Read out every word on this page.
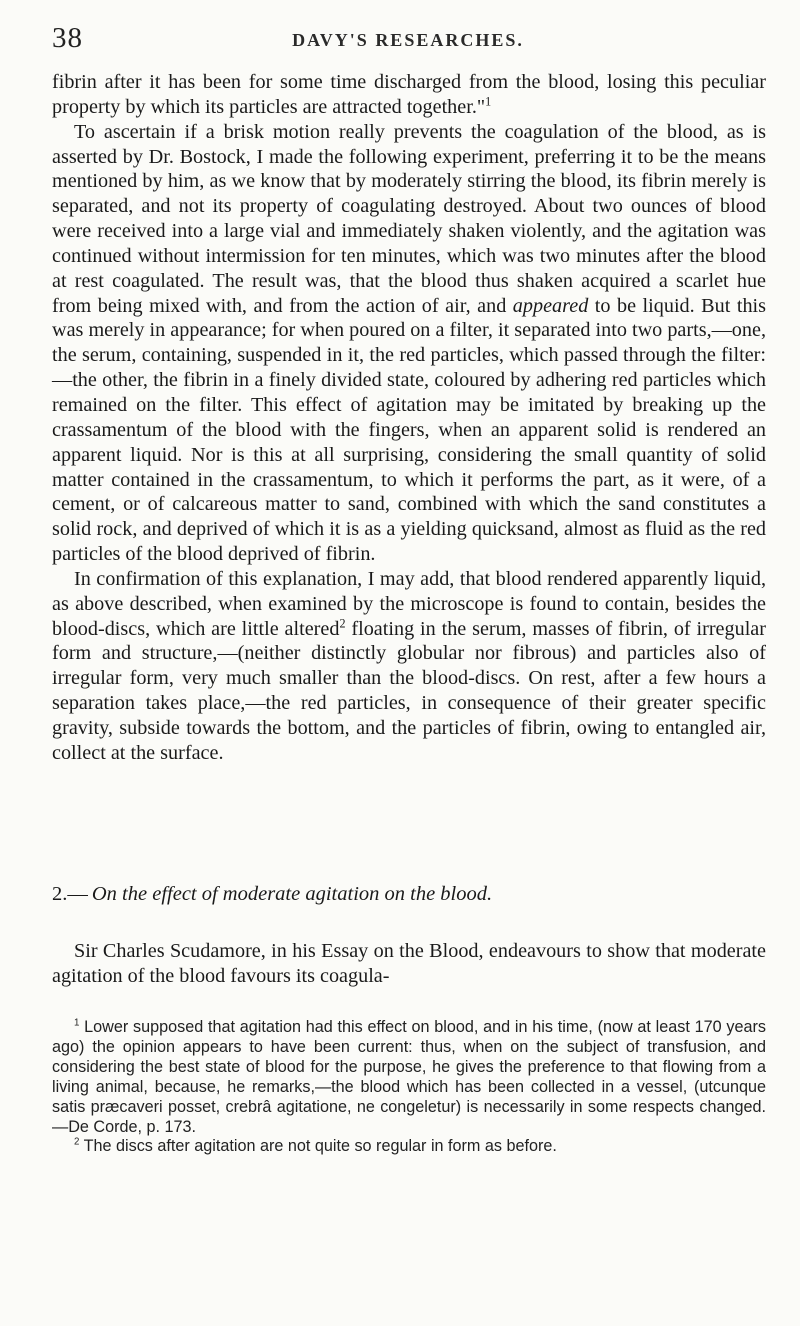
38	DAVY'S RESEARCHES.

fibrin after it has been for some time discharged from the blood, losing this peculiar property by which its particles are attracted together."$^1$

To ascertain if a brisk motion really prevents the coagulation of the blood, as is asserted by Dr. Bostock, I made the following experiment, preferring it to be the means mentioned by him, as we know that by moderately stirring the blood, its fibrin merely is separated, and not its property of coagulating destroyed. About two ounces of blood were received into a large vial and immediately shaken violently, and the agitation was continued without intermission for ten minutes, which was two minutes after the blood at rest coagulated. The result was, that the blood thus shaken acquired a scarlet hue from being mixed with, and from the action of air, and appeared to be liquid. But this was merely in appearance; for when poured on a filter, it separated into two parts,—one, the serum, containing, suspended in it, the red particles, which passed through the filter:—the other, the fibrin in a finely divided state, coloured by adhering red particles which remained on the filter. This effect of agitation may be imitated by breaking up the crassamentum of the blood with the fingers, when an apparent solid is rendered an apparent liquid. Nor is this at all surprising, considering the small quantity of solid matter contained in the crassamentum, to which it performs the part, as it were, of a cement, or of calcareous matter to sand, combined with which the sand constitutes a solid rock, and deprived of which it is as a yielding quicksand, almost as fluid as the red particles of the blood deprived of fibrin.

In confirmation of this explanation, I may add, that blood rendered apparently liquid, as above described, when examined by the microscope is found to contain, besides the blood-discs, which are little altered$^2$ floating in the serum, masses of fibrin, of irregular form and structure,—(neither distinctly globular nor fibrous) and particles also of irregular form, very much smaller than the blood-discs. On rest, after a few hours a separation takes place,—the red particles, in consequence of their greater specific gravity, subside towards the bottom, and the particles of fibrin, owing to entangled air, collect at the surface.

2.— On the effect of moderate agitation on the blood.

Sir Charles Scudamore, in his Essay on the Blood, endeavours to show that moderate agitation of the blood favours its coagula-

$^1$ Lower supposed that agitation had this effect on blood, and in his time, (now at least 170 years ago) the opinion appears to have been current: thus, when on the subject of transfusion, and considering the best state of blood for the purpose, he gives the preference to that flowing from a living animal, because, he remarks,—the blood which has been collected in a vessel, (utcunque satis præcaveri posset, crebrâ agitatione, ne congeletur) is necessarily in some respects changed.—De Corde, p. 173.

$^2$ The discs after agitation are not quite so regular in form as before.
